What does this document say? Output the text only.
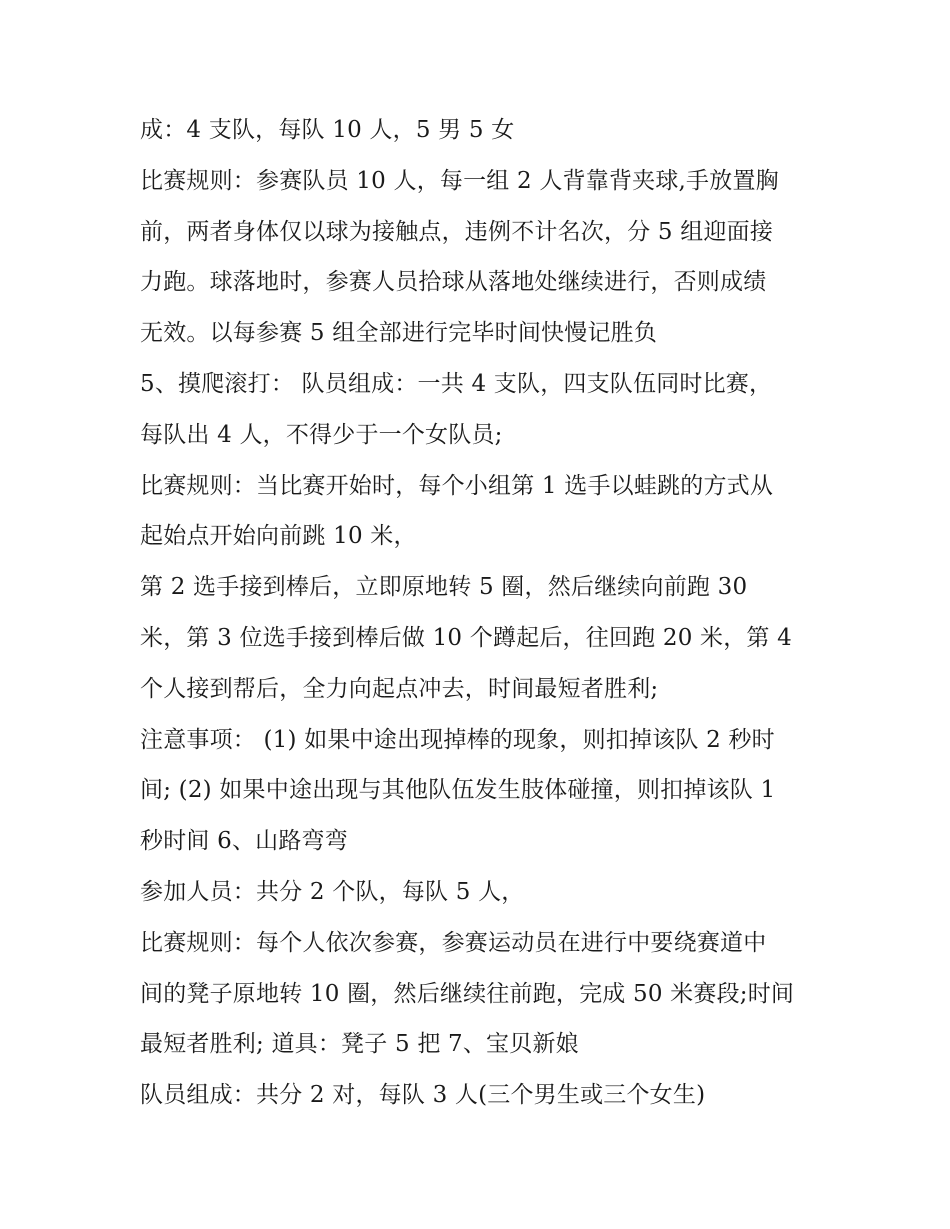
成：4 支队，每队 10 人，5 男 5 女
比赛规则：参赛队员 10 人，每一组 2 人背靠背夹球,手放置胸
前，两者身体仅以球为接触点，违例不计名次，分 5 组迎面接
力跑。球落地时，参赛人员拾球从落地处继续进行，否则成绩
无效。以每参赛 5 组全部进行完毕时间快慢记胜负
5、摸爬滚打： 队员组成：一共 4 支队，四支队伍同时比赛，
每队出 4 人，不得少于一个女队员;
比赛规则：当比赛开始时，每个小组第 1 选手以蛙跳的方式从
起始点开始向前跳 10 米，
第 2 选手接到棒后，立即原地转 5 圈，然后继续向前跑 30
米，第 3 位选手接到棒后做 10 个蹲起后，往回跑 20 米，第 4
个人接到帮后，全力向起点冲去，时间最短者胜利;
注意事项： (1) 如果中途出现掉棒的现象，则扣掉该队 2 秒时
间; (2) 如果中途出现与其他队伍发生肢体碰撞，则扣掉该队 1
秒时间 6、山路弯弯
参加人员：共分 2 个队，每队 5 人，
比赛规则：每个人依次参赛，参赛运动员在进行中要绕赛道中
间的凳子原地转 10 圈，然后继续往前跑，完成 50 米赛段;时间
最短者胜利; 道具：凳子 5 把 7、宝贝新娘
队员组成：共分 2 对，每队 3 人(三个男生或三个女生)
